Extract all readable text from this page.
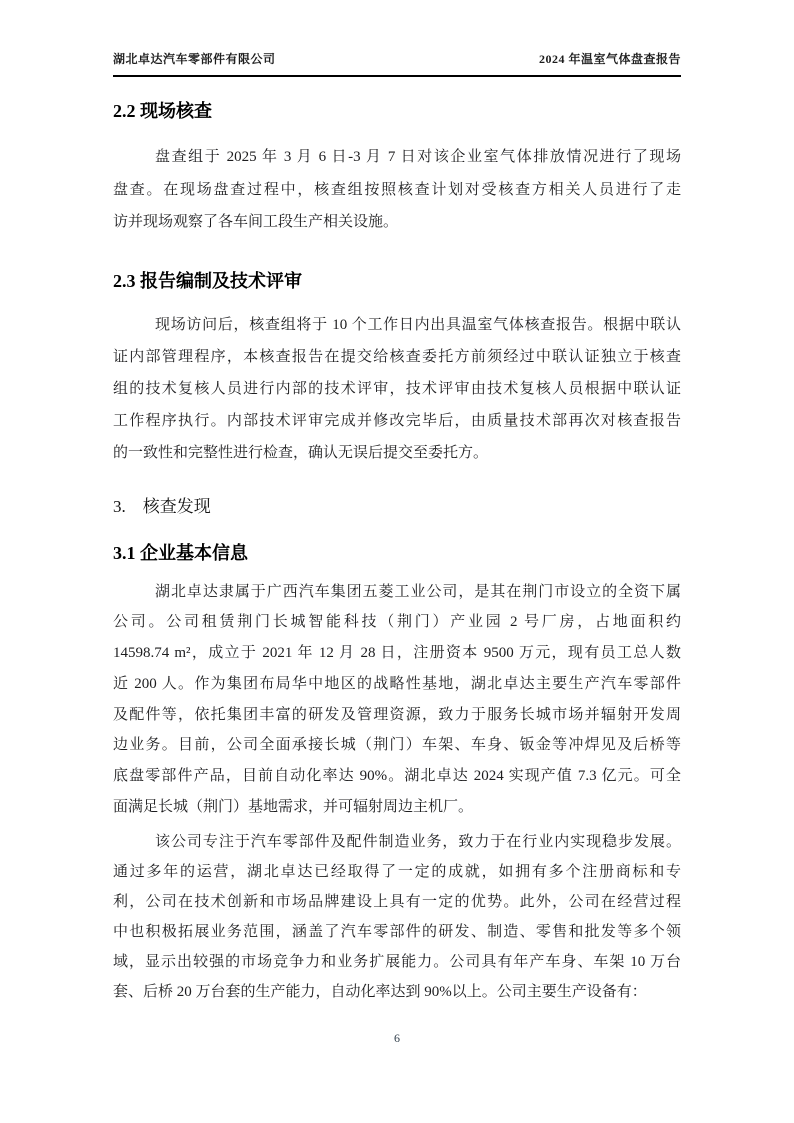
湖北卓达汽车零部件有限公司	2024 年温室气体盘查报告
2.2 现场核查
盘查组于 2025 年 3 月 6 日-3 月 7 日对该企业室气体排放情况进行了现场
盘查。在现场盘查过程中，核查组按照核查计划对受核查方相关人员进行了走
访并现场观察了各车间工段生产相关设施。
2.3 报告编制及技术评审
现场访问后，核查组将于 10 个工作日内出具温室气体核查报告。根据中联认
证内部管理程序，本核查报告在提交给核查委托方前须经过中联认证独立于核查
组的技术复核人员进行内部的技术评审，技术评审由技术复核人员根据中联认证
工作程序执行。内部技术评审完成并修改完毕后，由质量技术部再次对核查报告
的一致性和完整性进行检查，确认无误后提交至委托方。
3. 核查发现
3.1 企业基本信息
湖北卓达隶属于广西汽车集团五菱工业公司，是其在荆门市设立的全资下属
公司。公司租赁荆门长城智能科技（荆门）产业园 2 号厂房，占地面积约
14598.74 m²，成立于 2021 年 12 月 28 日，注册资本 9500 万元，现有员工总人数
近 200 人。作为集团布局华中地区的战略性基地，湖北卓达主要生产汽车零部件
及配件等，依托集团丰富的研发及管理资源，致力于服务长城市场并辐射开发周
边业务。目前，公司全面承接长城（荆门）车架、车身、钣金等冲焊见及后桥等
底盘零部件产品，目前自动化率达 90%。湖北卓达 2024 实现产值 7.3 亿元。可全
面满足长城（荆门）基地需求，并可辐射周边主机厂。
该公司专注于汽车零部件及配件制造业务，致力于在行业内实现稳步发展。
通过多年的运营，湖北卓达已经取得了一定的成就，如拥有多个注册商标和专
利，公司在技术创新和市场品牌建设上具有一定的优势。此外，公司在经营过程
中也积极拓展业务范围，涵盖了汽车零部件的研发、制造、零售和批发等多个领
域，显示出较强的市场竞争力和业务扩展能力。公司具有年产车身、车架 10 万台
套、后桥 20 万台套的生产能力，自动化率达到 90%以上。公司主要生产设备有：
6
